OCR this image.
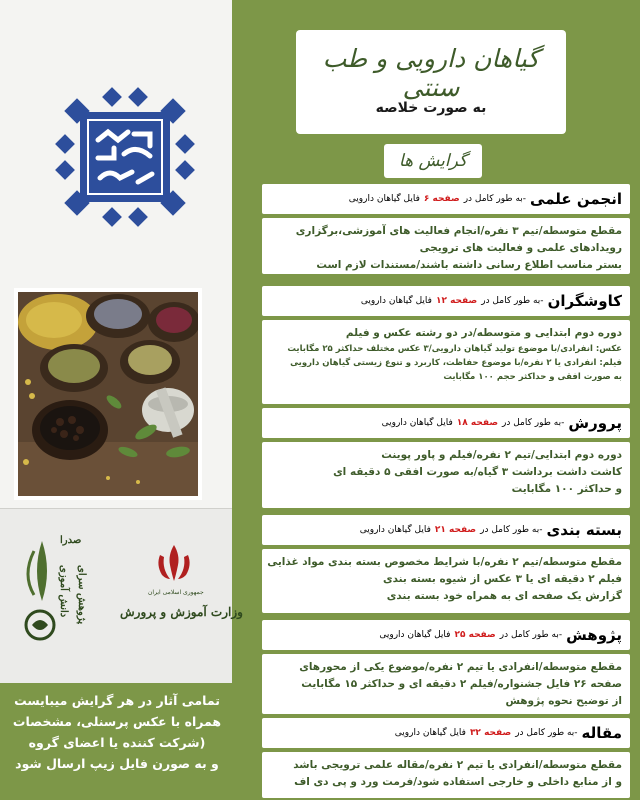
صدرا
دانش آموزی پژوهش سرای	جمهوری اسلامی ایران
وزارت آموزش و پرورش
تمامی آثار در هر گرایش میبایست
همراه با عکس پرسنلی، مشخصات
(شرکت کننده یا اعضای گروه
و به صورن فایل زیپ ارسال شود
گیاهان دارویی و طب سنتی
به صورت خلاصه
گرایش ها
انجمن علمی
-به طور کامل در
صفحه ۶
فایل گیاهان دارویی
مقطع متوسطه/تیم ۳ نفره/انجام فعالیت های آموزشی،برگزاری
رویدادهای علمی و فعالیت های ترویجی
بستر مناسب اطلاع رسانی داشته باشند/مستندات لازم است
کاوشگران
-به طور کامل در
صفحه ۱۲
فایل گیاهان دارویی
دوره دوم ابتدایی و متوسطه/در دو رشته عکس و فیلم
عکس: انفرادی/با موضوع تولید گیاهان دارویی/۳ عکس مختلف حداکثر ۲۵ مگابایت
فیلم: انفرادی یا ۲ نفره/با موضوع حفاظت، کاربرد و تنوع زیستی گیاهان دارویی
به صورت افقی و حداکثر حجم ۱۰۰ مگابایت
پرورش
-به طور کامل در
صفحه ۱۸
فایل گیاهان دارویی
دوره دوم ابتدایی/تیم ۲ نفره/فیلم و پاور پوینت
کاشت داشت برداشت ۳ گیاه/به صورت افقی ۵ دقیقه ای
و حداکثر ۱۰۰ مگابایت
بسته بندی
-به طور کامل در
صفحه ۲۱
فایل گیاهان دارویی
مقطع متوسطه/تیم ۲ نفره/با شرایط مخصوص بسته بندی مواد غذایی
فیلم ۲ دقیقه ای یا ۳ عکس از شیوه بسته بندی
گزارش یک صفحه ای به همراه خود بسته بندی
پژوهش
-به طور کامل در
صفحه ۲۵
فایل گیاهان دارویی
مقطع متوسطه/انفرادی یا تیم ۲ نفره/موضوع یکی از محورهای
صفحه ۲۶ فایل جشنواره/فیلم ۲ دقیقه ای و حداکثر ۱۵ مگابایت
از توضیح نحوه پژوهش
مقاله
-به طور کامل در
صفحه ۳۲
فایل گیاهان دارویی
مقطع متوسطه/انفرادی یا تیم ۲ نفره/مقاله علمی ترویجی باشد
و از منابع داخلی و خارجی استفاده شود/فرمت ورد و پی دی اف
